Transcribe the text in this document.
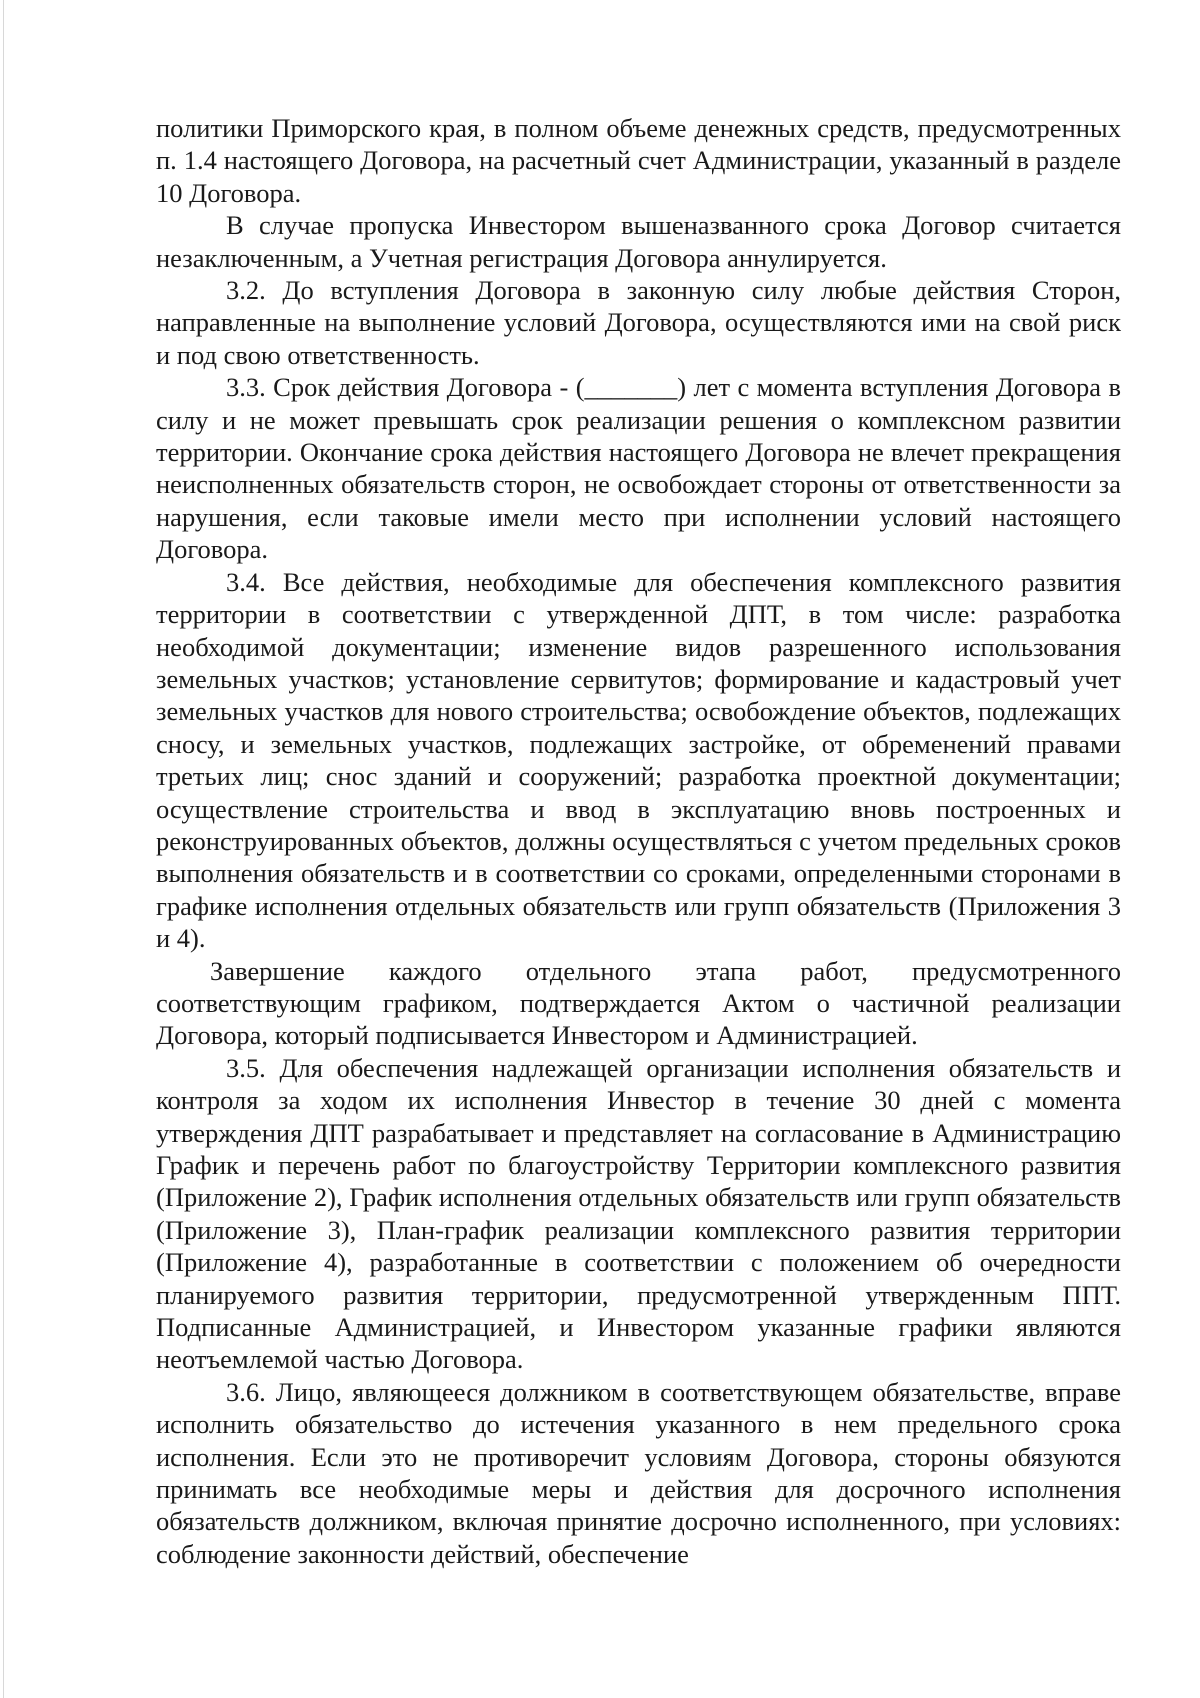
политики Приморского края, в полном объеме денежных средств, предусмотренных п. 1.4 настоящего Договора, на расчетный счет Администрации, указанный в разделе 10 Договора.

В случае пропуска Инвестором вышеназванного срока Договор считается незаключенным, а Учетная регистрация Договора аннулируется.

3.2. До вступления Договора в законную силу любые действия Сторон, направленные на выполнение условий Договора, осуществляются ими на свой риск и под свою ответственность.

3.3. Срок действия Договора - (_______) лет с момента вступления Договора в силу и не может превышать срок реализации решения о комплексном развитии территории. Окончание срока действия настоящего Договора не влечет прекращения неисполненных обязательств сторон, не освобождает стороны от ответственности за нарушения, если таковые имели место при исполнении условий настоящего Договора.

3.4. Все действия, необходимые для обеспечения комплексного развития территории в соответствии с утвержденной ДПТ, в том числе: разработка необходимой документации; изменение видов разрешенного использования земельных участков; установление сервитутов; формирование и кадастровый учет земельных участков для нового строительства; освобождение объектов, подлежащих сносу, и земельных участков, подлежащих застройке, от обременений правами третьих лиц; снос зданий и сооружений; разработка проектной документации; осуществление строительства и ввод в эксплуатацию вновь построенных и реконструированных объектов, должны осуществляться с учетом предельных сроков выполнения обязательств и в соответствии со сроками, определенными сторонами в графике исполнения отдельных обязательств или групп обязательств (Приложения 3 и 4).

Завершение каждого отдельного этапа работ, предусмотренного соответствующим графиком, подтверждается Актом о частичной реализации Договора, который подписывается Инвестором и Администрацией.

3.5. Для обеспечения надлежащей организации исполнения обязательств и контроля за ходом их исполнения Инвестор в течение 30 дней с момента утверждения ДПТ разрабатывает и представляет на согласование в Администрацию График и перечень работ по благоустройству Территории комплексного развития (Приложение 2), График исполнения отдельных обязательств или групп обязательств (Приложение 3), План-график реализации комплексного развития территории (Приложение 4), разработанные в соответствии с положением об очередности планируемого развития территории, предусмотренной утвержденным ППТ. Подписанные Администрацией, и Инвестором указанные графики являются неотъемлемой частью Договора.

3.6. Лицо, являющееся должником в соответствующем обязательстве, вправе исполнить обязательство до истечения указанного в нем предельного срока исполнения. Если это не противоречит условиям Договора, стороны обязуются принимать все необходимые меры и действия для досрочного исполнения обязательств должником, включая принятие досрочно исполненного, при условиях: соблюдение законности действий, обеспечение
